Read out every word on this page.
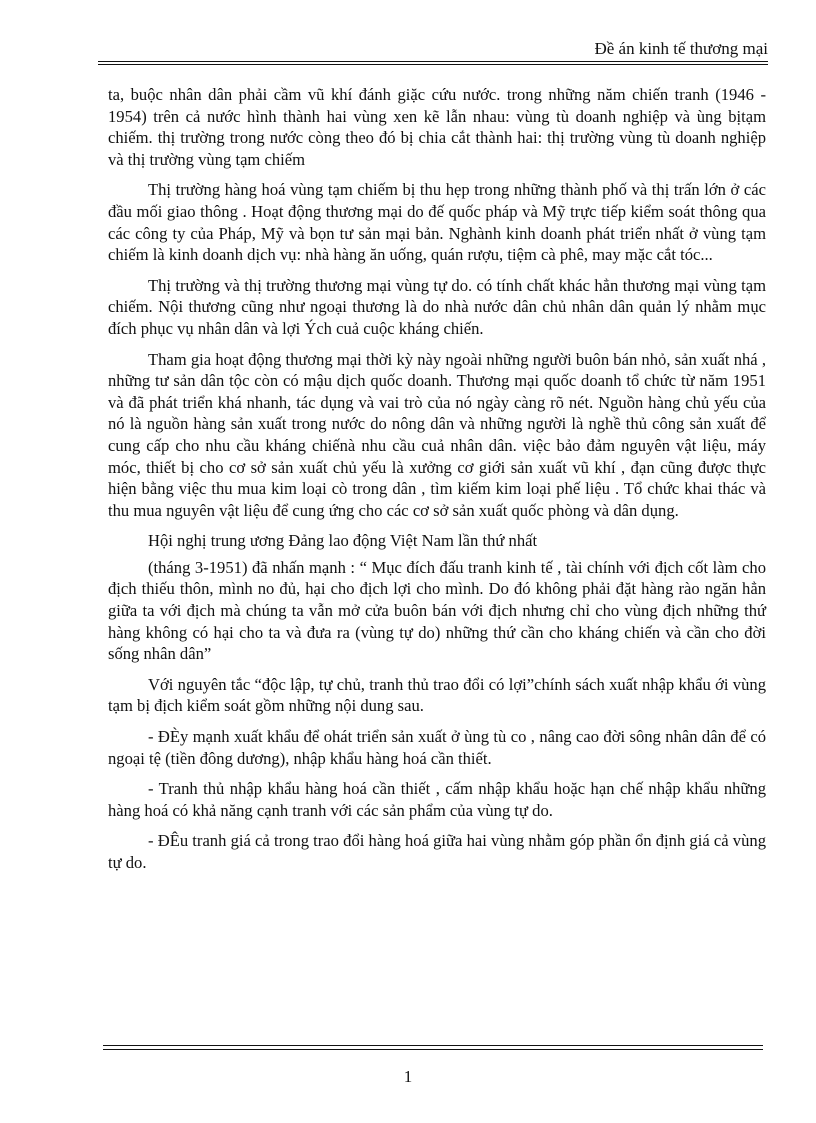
Đề án kinh tế thương mại

ta, buộc nhân dân phải cầm vũ khí đánh giặc cứu nước. trong những năm chiến tranh (1946 - 1954) trên cả nước hình thành hai vùng xen kẽ lẫn nhau: vùng tù doanh nghiệp và ùng bịtạm chiếm. thị trường trong nước còng theo đó bị chia cắt thành hai: thị trường vùng tù doanh nghiệp và thị trường vùng tạm chiếm

Thị trường hàng hoá vùng tạm chiếm bị thu hẹp trong những thành phố và thị trấn lớn ở các đầu mối giao thông . Hoạt động thương mại do đế quốc pháp và Mỹ trực tiếp kiểm soát thông qua các công ty của Pháp, Mỹ và bọn tư sản mại bản. Nghành kinh doanh phát triển nhất ở vùng tạm chiếm là kinh doanh dịch vụ: nhà hàng ăn uống, quán rượu, tiệm cà phê, may mặc cắt tóc...

Thị trường và thị trường thương mại vùng tự do. có tính chất khác hẳn thương mại vùng tạm chiếm. Nội thương cũng như ngoại thương là do nhà nước dân chủ nhân dân quản lý nhằm mục đích phục vụ nhân dân và lợi Ých cuả cuộc kháng chiến.

Tham gia hoạt động thương mại thời kỳ này ngoài những người buôn bán nhỏ, sản xuất nhá , những tư sản dân tộc còn có mậu dịch quốc doanh. Thương mại quốc doanh tổ chức từ năm 1951 và đã phát triển khá nhanh, tác dụng và vai trò của nó ngày càng rõ nét. Nguồn hàng chủ yếu của nó là nguồn hàng sản xuất trong nước do nông dân và những người là nghề thủ công sản xuất để cung cấp cho nhu cầu kháng chiếnà nhu cầu cuả nhân dân. việc bảo đảm nguyên vật liệu, máy móc, thiết bị cho cơ sở sản xuất chủ yếu là xưởng cơ giới sản xuất vũ khí , đạn cũng được thực hiện bằng việc thu mua kim loại cò trong dân , tìm kiếm kim loại phế liệu . Tổ chức khai thác và thu mua nguyên vật liệu để cung ứng cho các cơ sở sản xuất quốc phòng và dân dụng.

Hội nghị trung ương Đảng lao động Việt Nam lần thứ nhất

(tháng 3-1951) đã nhấn mạnh : “ Mục đích đấu tranh kinh tế , tài chính với địch cốt làm cho địch thiếu thôn, mình no đủ, hại cho địch lợi cho mình. Do đó không phải đặt hàng rào ngăn hẳn giữa ta với địch mà chúng ta vẫn mở cửa buôn bán với địch nhưng chỉ cho vùng địch những thứ hàng không có hại cho ta và đưa ra (vùng tự do) những thứ cần cho kháng chiến và cần cho đời sống nhân dân”

Với nguyên tắc “độc lập, tự chủ, tranh thủ trao đổi có lợi”chính sách xuất nhập khẩu ới vùng tạm bị địch kiểm soát gồm những nội dung sau.

- ĐÈy mạnh xuất khẩu để ohát triển sản xuất ở ùng tù co , nâng cao đời sông nhân dân để có ngoại tệ (tiền đông dương), nhập khẩu hàng hoá cần thiết.

- Tranh thủ nhập khẩu hàng hoá cần thiết , cấm nhập khẩu hoặc hạn chế nhập khẩu những hàng hoá có khả năng cạnh tranh với các sản phẩm của vùng tự do.

- ĐÊu tranh giá cả trong trao đổi hàng hoá giữa hai vùng nhằm góp phần ổn định giá cả vùng tự do.

1
